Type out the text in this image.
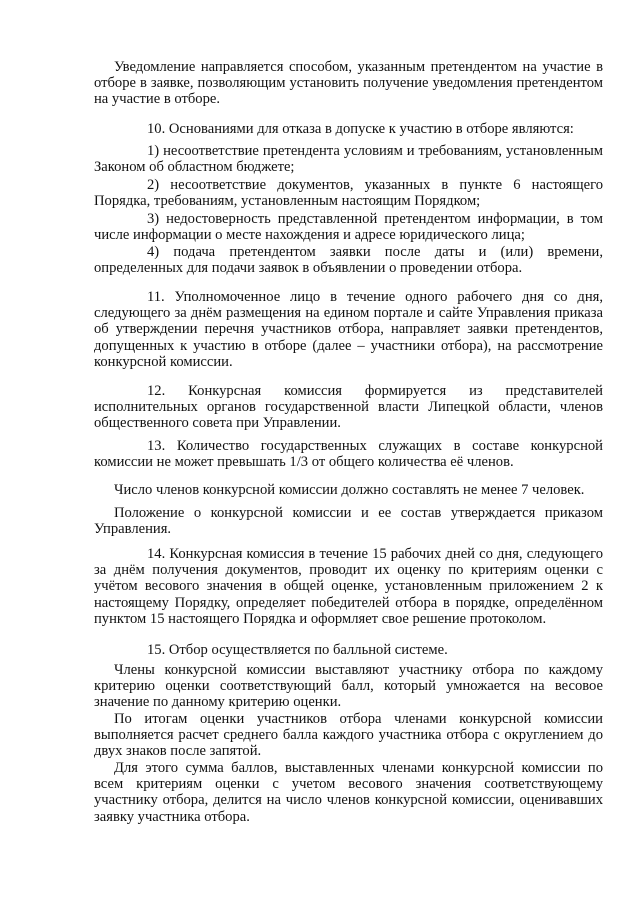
Уведомление направляется способом, указанным претендентом на участие в отборе в заявке, позволяющим установить получение уведомления претендентом на участие в отборе.

10. Основаниями для отказа в допуске к участию в отборе являются:

1) несоответствие претендента условиям и требованиям, установленным Законом об областном бюджете;

2) несоответствие документов, указанных в пункте 6 настоящего Порядка, требованиям, установленным настоящим Порядком;

3) недостоверность представленной претендентом информации, в том числе информации о месте нахождения и адресе юридического лица;

4) подача претендентом заявки после даты и (или) времени, определенных для подачи заявок в объявлении о проведении отбора.

11. Уполномоченное лицо в течение одного рабочего дня со дня, следующего за днём размещения на едином портале и сайте Управления приказа об утверждении перечня участников отбора, направляет заявки претендентов, допущенных к участию в отборе (далее – участники отбора), на рассмотрение конкурсной комиссии.

12. Конкурсная комиссия формируется из представителей исполнительных органов государственной власти Липецкой области, членов общественного совета при Управлении.

13. Количество государственных служащих в составе конкурсной комиссии не может превышать 1/3 от общего количества её членов.

Число членов конкурсной комиссии должно составлять не менее 7 человек.

Положение о конкурсной комиссии и ее состав утверждается приказом Управления.

14. Конкурсная комиссия в течение 15 рабочих дней со дня, следующего за днём получения документов, проводит их оценку по критериям оценки с учётом весового значения в общей оценке, установленным приложением 2 к настоящему Порядку, определяет победителей отбора в порядке, определённом пунктом 15 настоящего Порядка и оформляет свое решение протоколом.

15. Отбор осуществляется по балльной системе.

Члены конкурсной комиссии выставляют участнику отбора по каждому критерию оценки соответствующий балл, который умножается на весовое значение по данному критерию оценки.

По итогам оценки участников отбора членами конкурсной комиссии выполняется расчет среднего балла каждого участника отбора с округлением до двух знаков после запятой.

Для этого сумма баллов, выставленных членами конкурсной комиссии по всем критериям оценки с учетом весового значения соответствующему участнику отбора, делится на число членов конкурсной комиссии, оценивавших заявку участника отбора.
